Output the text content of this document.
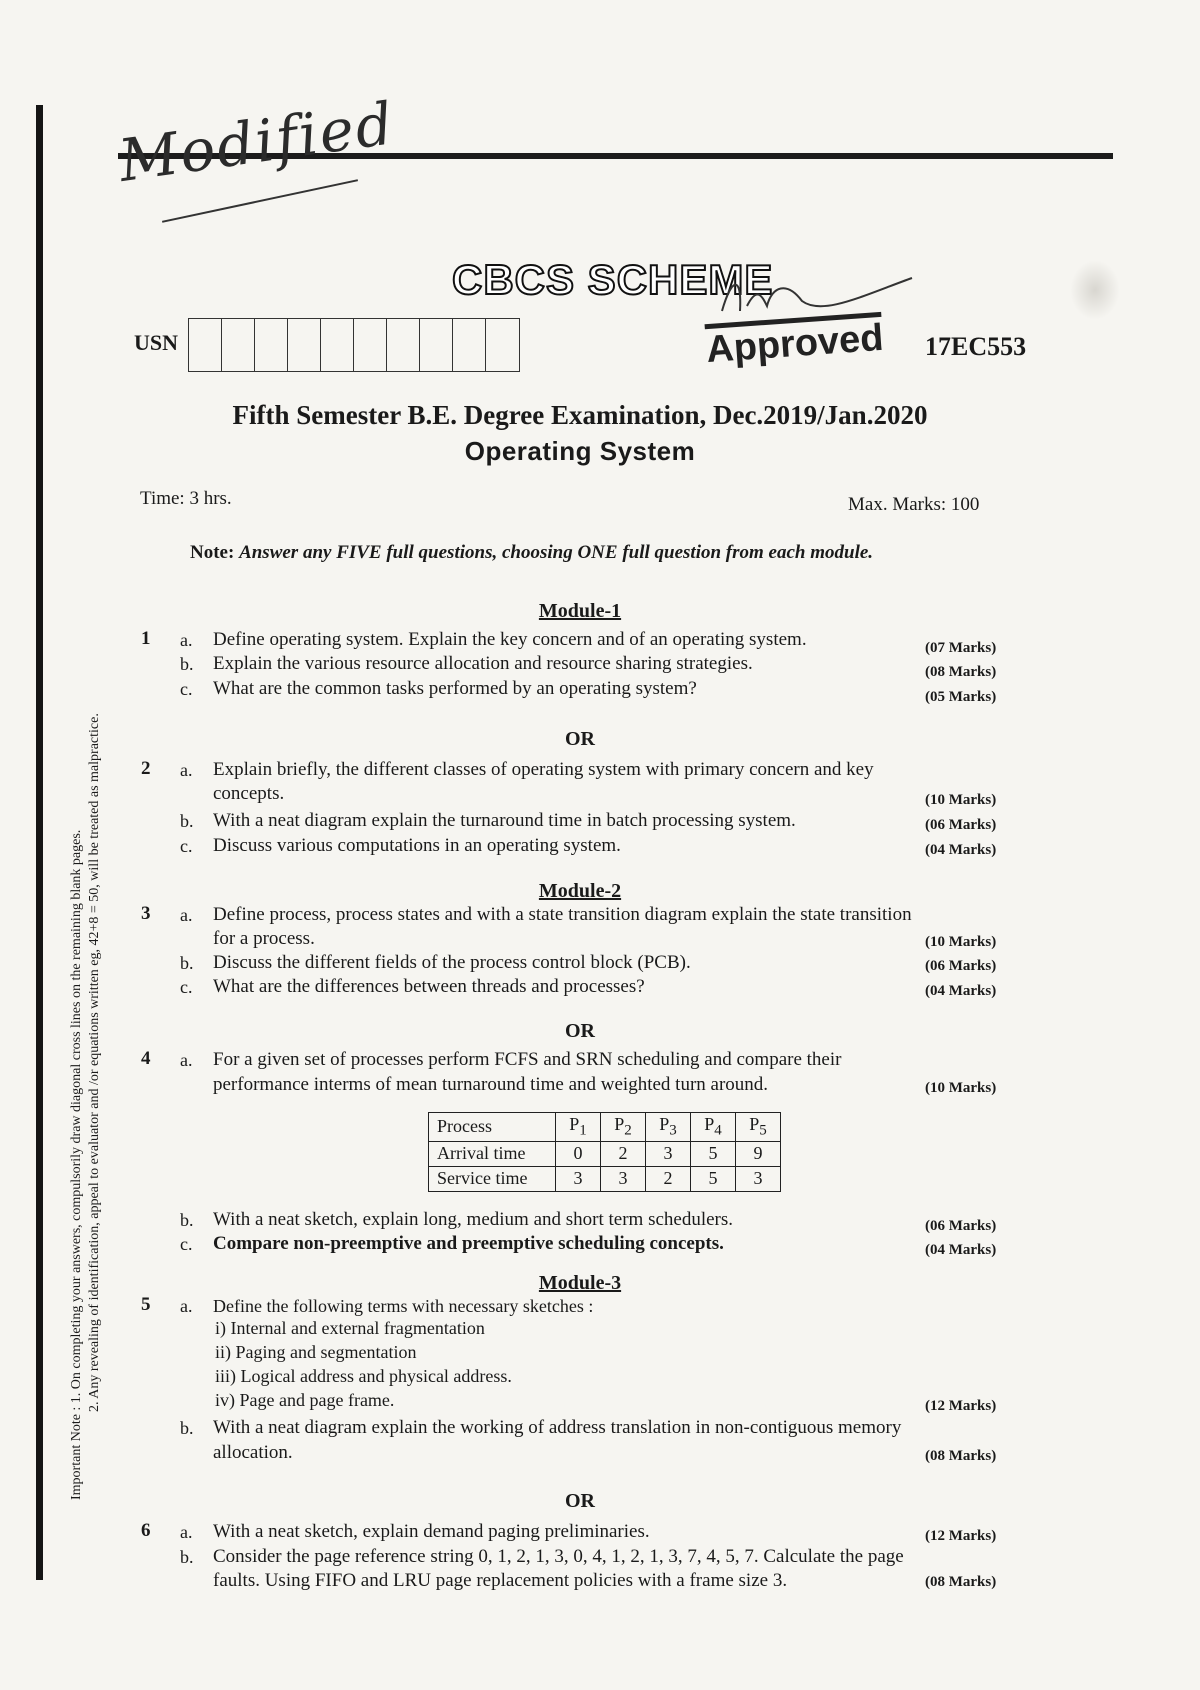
Important Note : 1. On completing your answers, compulsorily draw diagonal cross lines on the remaining blank pages. 2. Any revealing of identification, appeal to evaluator and /or equations written eg, 42+8 = 50, will be treated as malpractice.
Modified
CBCS SCHEME
USN	Approved 17EC553
Fifth Semester B.E. Degree Examination, Dec.2019/Jan.2020
Operating System
Time: 3 hrs.	Max. Marks: 100
Note: Answer any FIVE full questions, choosing ONE full question from each module.
Module-1
1 a. Define operating system. Explain the key concern and of an operating system.	(07 Marks)
b. Explain the various resource allocation and resource sharing strategies.	(08 Marks)
c. What are the common tasks performed by an operating system?	(05 Marks)
OR
2 a. Explain briefly, the different classes of operating system with primary concern and key
concepts.	(10 Marks)
b. With a neat diagram explain the turnaround time in batch processing system.	(06 Marks)
c. Discuss various computations in an operating system.	(04 Marks)
Module-2
3 a. Define process, process states and with a state transition diagram explain the state transition
for a process.	(10 Marks)
b. Discuss the different fields of the process control block (PCB).	(06 Marks)
c. What are the differences between threads and processes?	(04 Marks)
OR
4 a. For a given set of processes perform FCFS and SRN scheduling and compare their
performance interms of mean turnaround time and weighted turn around.	(10 Marks)
Process	$P_1$	$P_2$	$P_3$	$P_4$	$P_5$
Arrival time	0	2	3	5	9
Service time	3	3	2	5	3
b. With a neat sketch, explain long, medium and short term schedulers.	(06 Marks)
c. Compare non-preemptive and preemptive scheduling concepts.	(04 Marks)
Module-3
5 a. Define the following terms with necessary sketches :
i) Internal and external fragmentation
ii) Paging and segmentation
iii) Logical address and physical address.
iv) Page and page frame.	(12 Marks)
b. With a neat diagram explain the working of address translation in non-contiguous memory
allocation.	(08 Marks)
OR
6 a. With a neat sketch, explain demand paging preliminaries.	(12 Marks)
b. Consider the page reference string 0, 1, 2, 1, 3, 0, 4, 1, 2, 1, 3, 7, 4, 5, 7. Calculate the page
faults. Using FIFO and LRU page replacement policies with a frame size 3.	(08 Marks)
